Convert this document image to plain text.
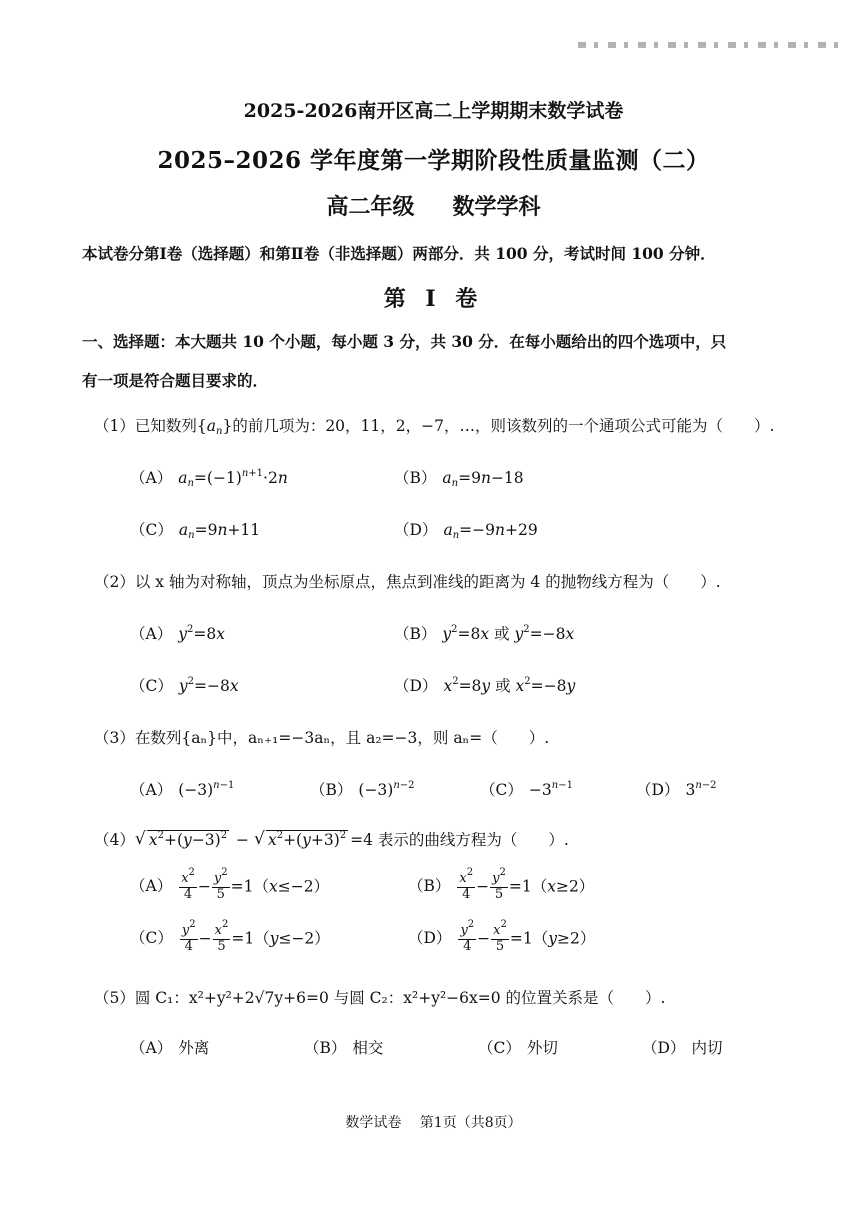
2025-2026南开区高二上学期期末数学试卷
2025–2026 学年度第一学期阶段性质量监测（二）
高二年级 数学学科
本试卷分第Ⅰ卷（选择题）和第Ⅱ卷（非选择题）两部分．共 100 分，考试时间 100 分钟．
第 Ⅰ 卷
一、选择题：本大题共 10 个小题，每小题 3 分，共 30 分．在每小题给出的四个选项中，只
有一项是符合题目要求的．
（1）已知数列$\{a_n\}$的前几项为：20，11，2，−7，…，则该数列的一个通项公式可能为（　　）.
（A） $a_n=(-1)^{n+1}\cdot 2n$	（B） $a_n=9n-18$
（C） $a_n=9n+11$	（D） $a_n=-9n+29$
（2）以 x 轴为对称轴，顶点为坐标原点，焦点到准线的距离为 4 的抛物线方程为（　　）.
（A） $y^2=8x$	（B） $y^2=8x$ 或 $y^2=-8x$
（C） $y^2=-8x$	（D） $x^2=8y$ 或 $x^2=-8y$
（3）在数列{aₙ}中，aₙ₊₁=−3aₙ，且 a₂=−3，则 aₙ=（　　）.
（A） $(-3)^{n-1}$	（B） $(-3)^{n-2}$	$(C) -3^{n-1}$	（D） $3^{n-2}$
（4）√ $x^2+(y-3)^2$ − √ $x^2+(y+3)^2 =4$ 表示的曲线方程为（　　）.
$(A) \frac{x^2}{4} - \frac{y^2}{5} =1(x\le-2)$	$(B) \frac{x^2}{4} - \frac{y^2}{5} =1(x\ge 2)$
$(C) \frac{y^2}{4} - \frac{x^2}{5} =1(y\le-2)$	$(D) \frac{y^2}{4} - \frac{x^2}{5} =1(y\ge 2)$
（5）圆 C₁：x²+y²+2√7y+6=0 与圆 C₂：x²+y²−6x=0 的位置关系是（　　）.
（A） 外离	（B） 相交	（C） 外切	（D） 内切
数学试卷　 第1页（共8页）
